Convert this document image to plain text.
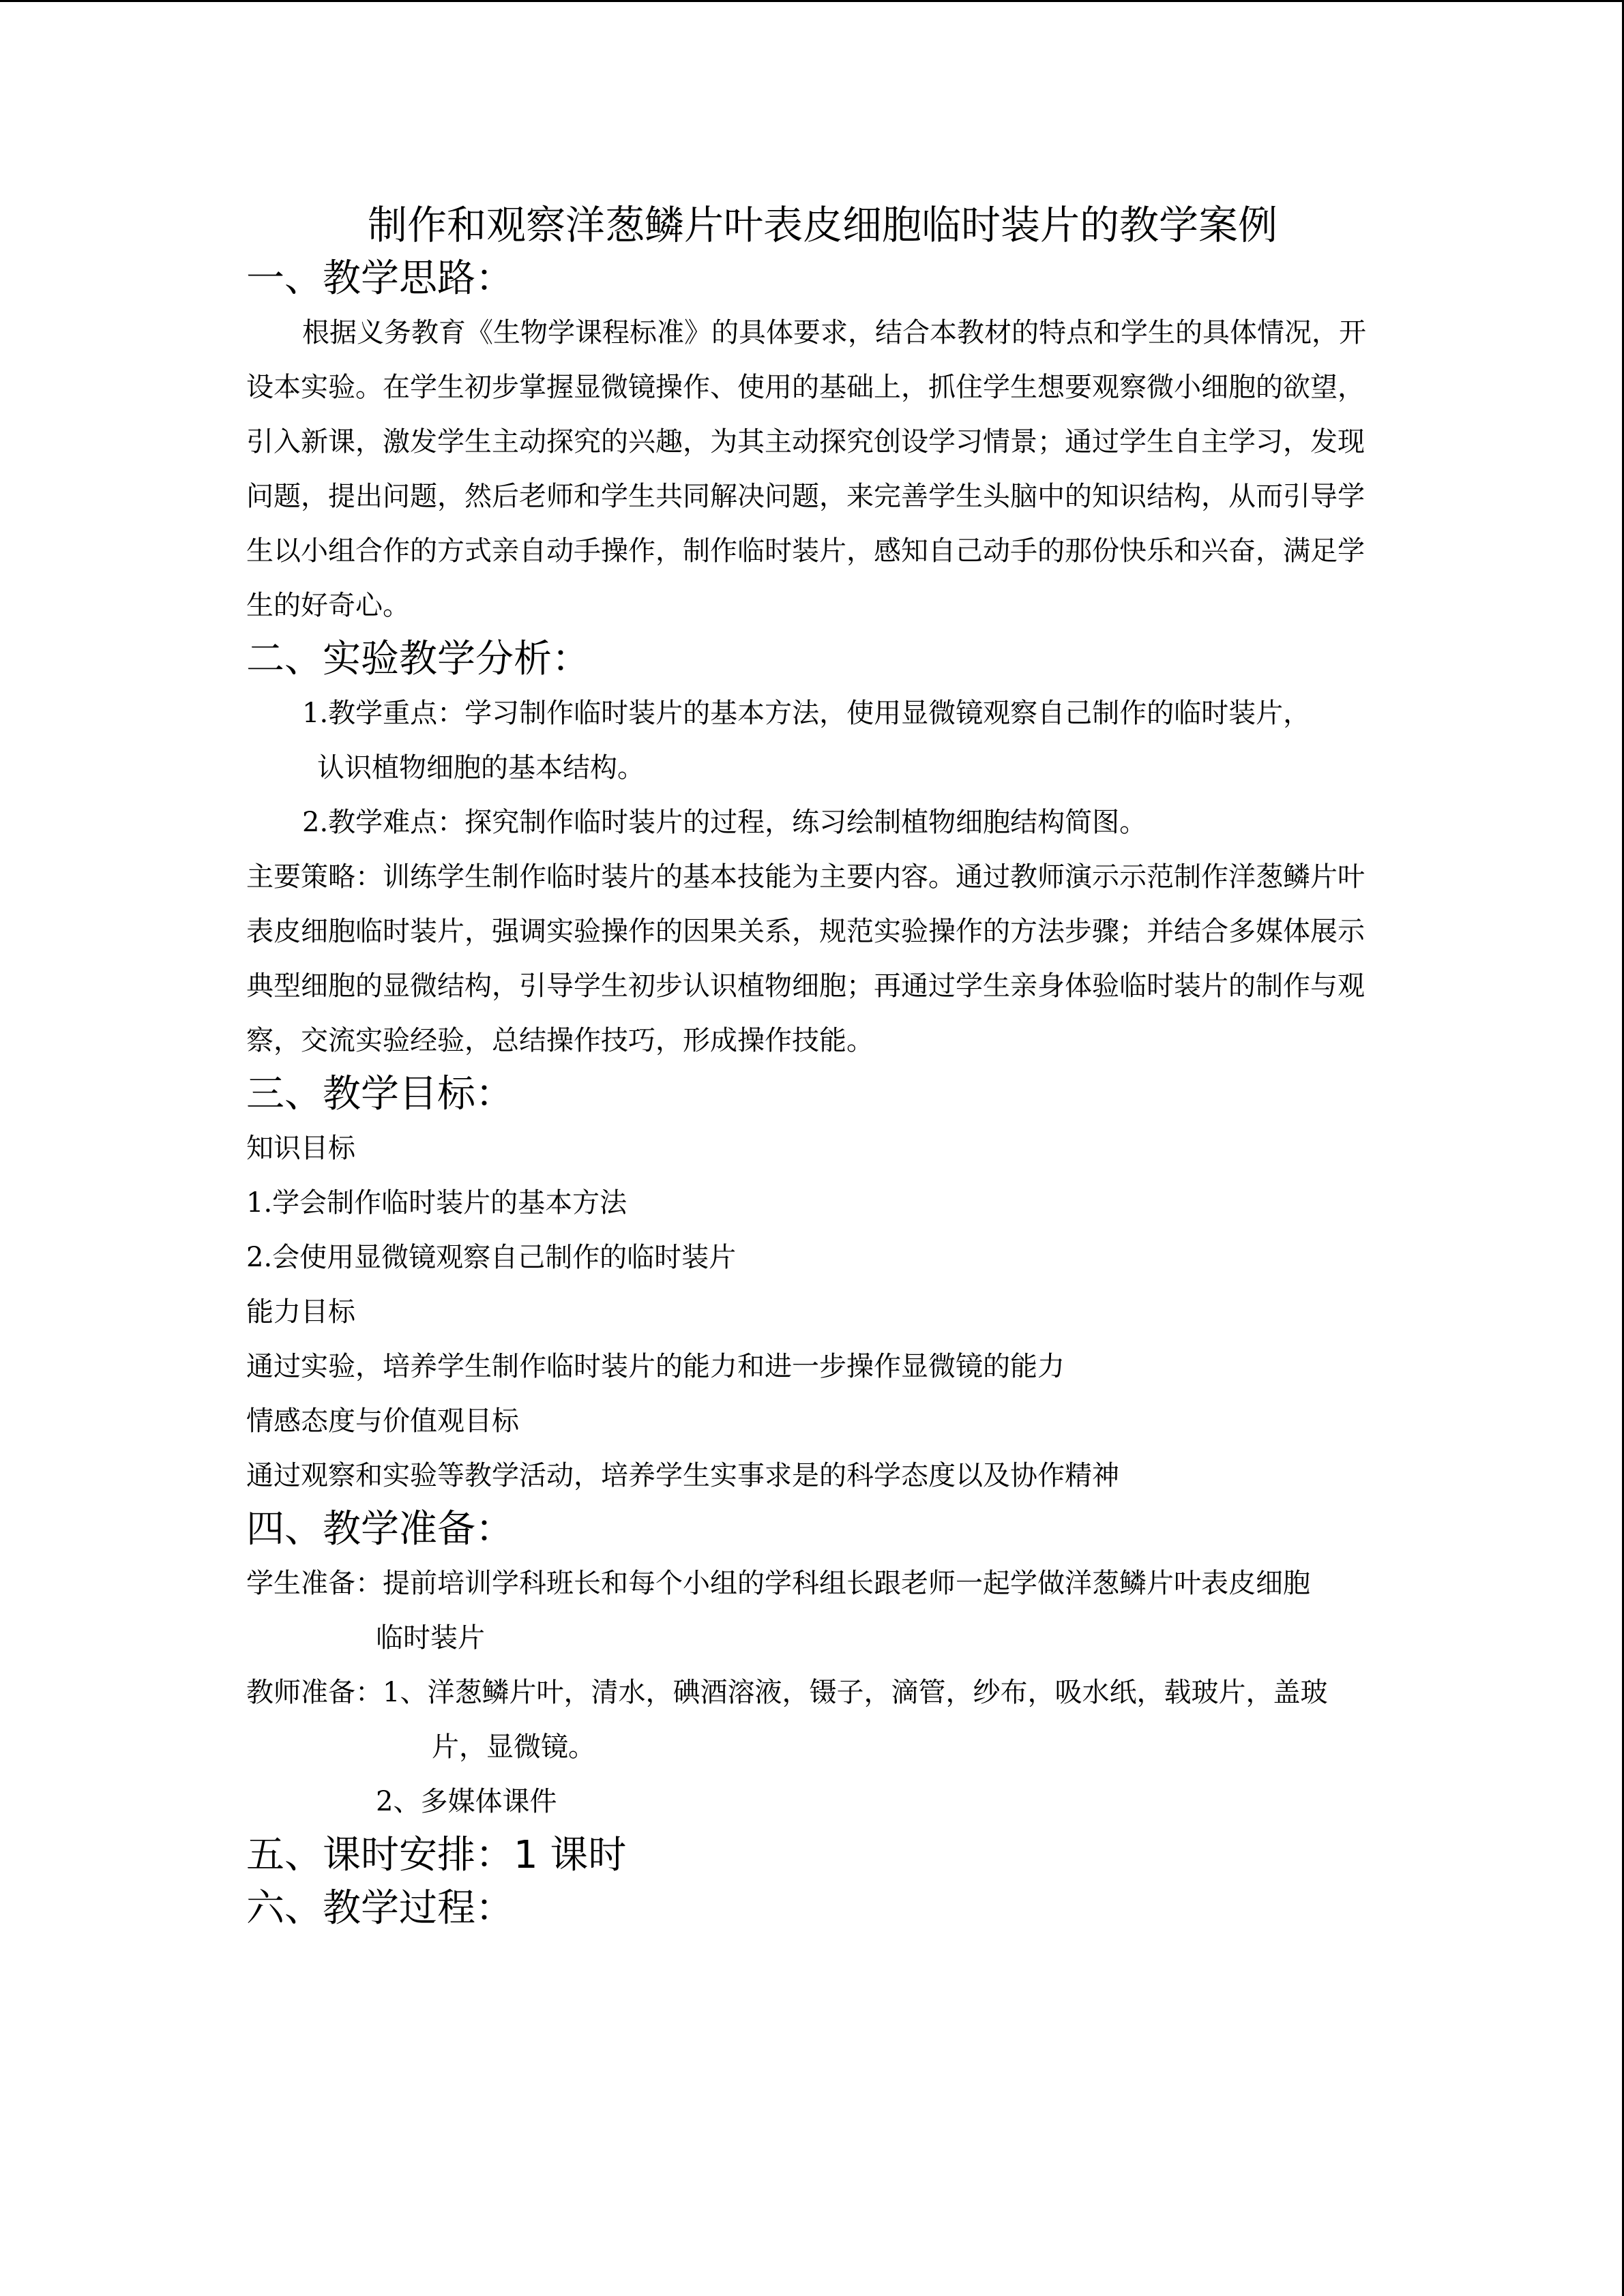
制作和观察洋葱鳞片叶表皮细胞临时装片的教学案例
一、教学思路：

根据义务教育《生物学课程标准》的具体要求，结合本教材的特点和学生的具体情况，开设本实验。在学生初步掌握显微镜操作、使用的基础上，抓住学生想要观察微小细胞的欲望，引入新课，激发学生主动探究的兴趣，为其主动探究创设学习情景；通过学生自主学习，发现问题，提出问题，然后老师和学生共同解决问题，来完善学生头脑中的知识结构，从而引导学生以小组合作的方式亲自动手操作，制作临时装片，感知自己动手的那份快乐和兴奋，满足学生的好奇心。

二、实验教学分析：

1.教学重点：学习制作临时装片的基本方法，使用显微镜观察自己制作的临时装片，

认识植物细胞的基本结构。

2.教学难点：探究制作临时装片的过程，练习绘制植物细胞结构简图。

主要策略：训练学生制作临时装片的基本技能为主要内容。通过教师演示示范制作洋葱鳞片叶表皮细胞临时装片，强调实验操作的因果关系，规范实验操作的方法步骤；并结合多媒体展示典型细胞的显微结构，引导学生初步认识植物细胞；再通过学生亲身体验临时装片的制作与观察，交流实验经验，总结操作技巧，形成操作技能。

三、教学目标：

知识目标

1.学会制作临时装片的基本方法

2.会使用显微镜观察自己制作的临时装片

能力目标

通过实验，培养学生制作临时装片的能力和进一步操作显微镜的能力

情感态度与价值观目标

通过观察和实验等教学活动，培养学生实事求是的科学态度以及协作精神

四、教学准备：

学生准备：提前培训学科班长和每个小组的学科组长跟老师一起学做洋葱鳞片叶表皮细胞

临时装片

教师准备：1、洋葱鳞片叶，清水，碘酒溶液，镊子，滴管，纱布，吸水纸，载玻片，盖玻

片，显微镜。

2、多媒体课件

五、课时安排：1 课时
六、教学过程：
